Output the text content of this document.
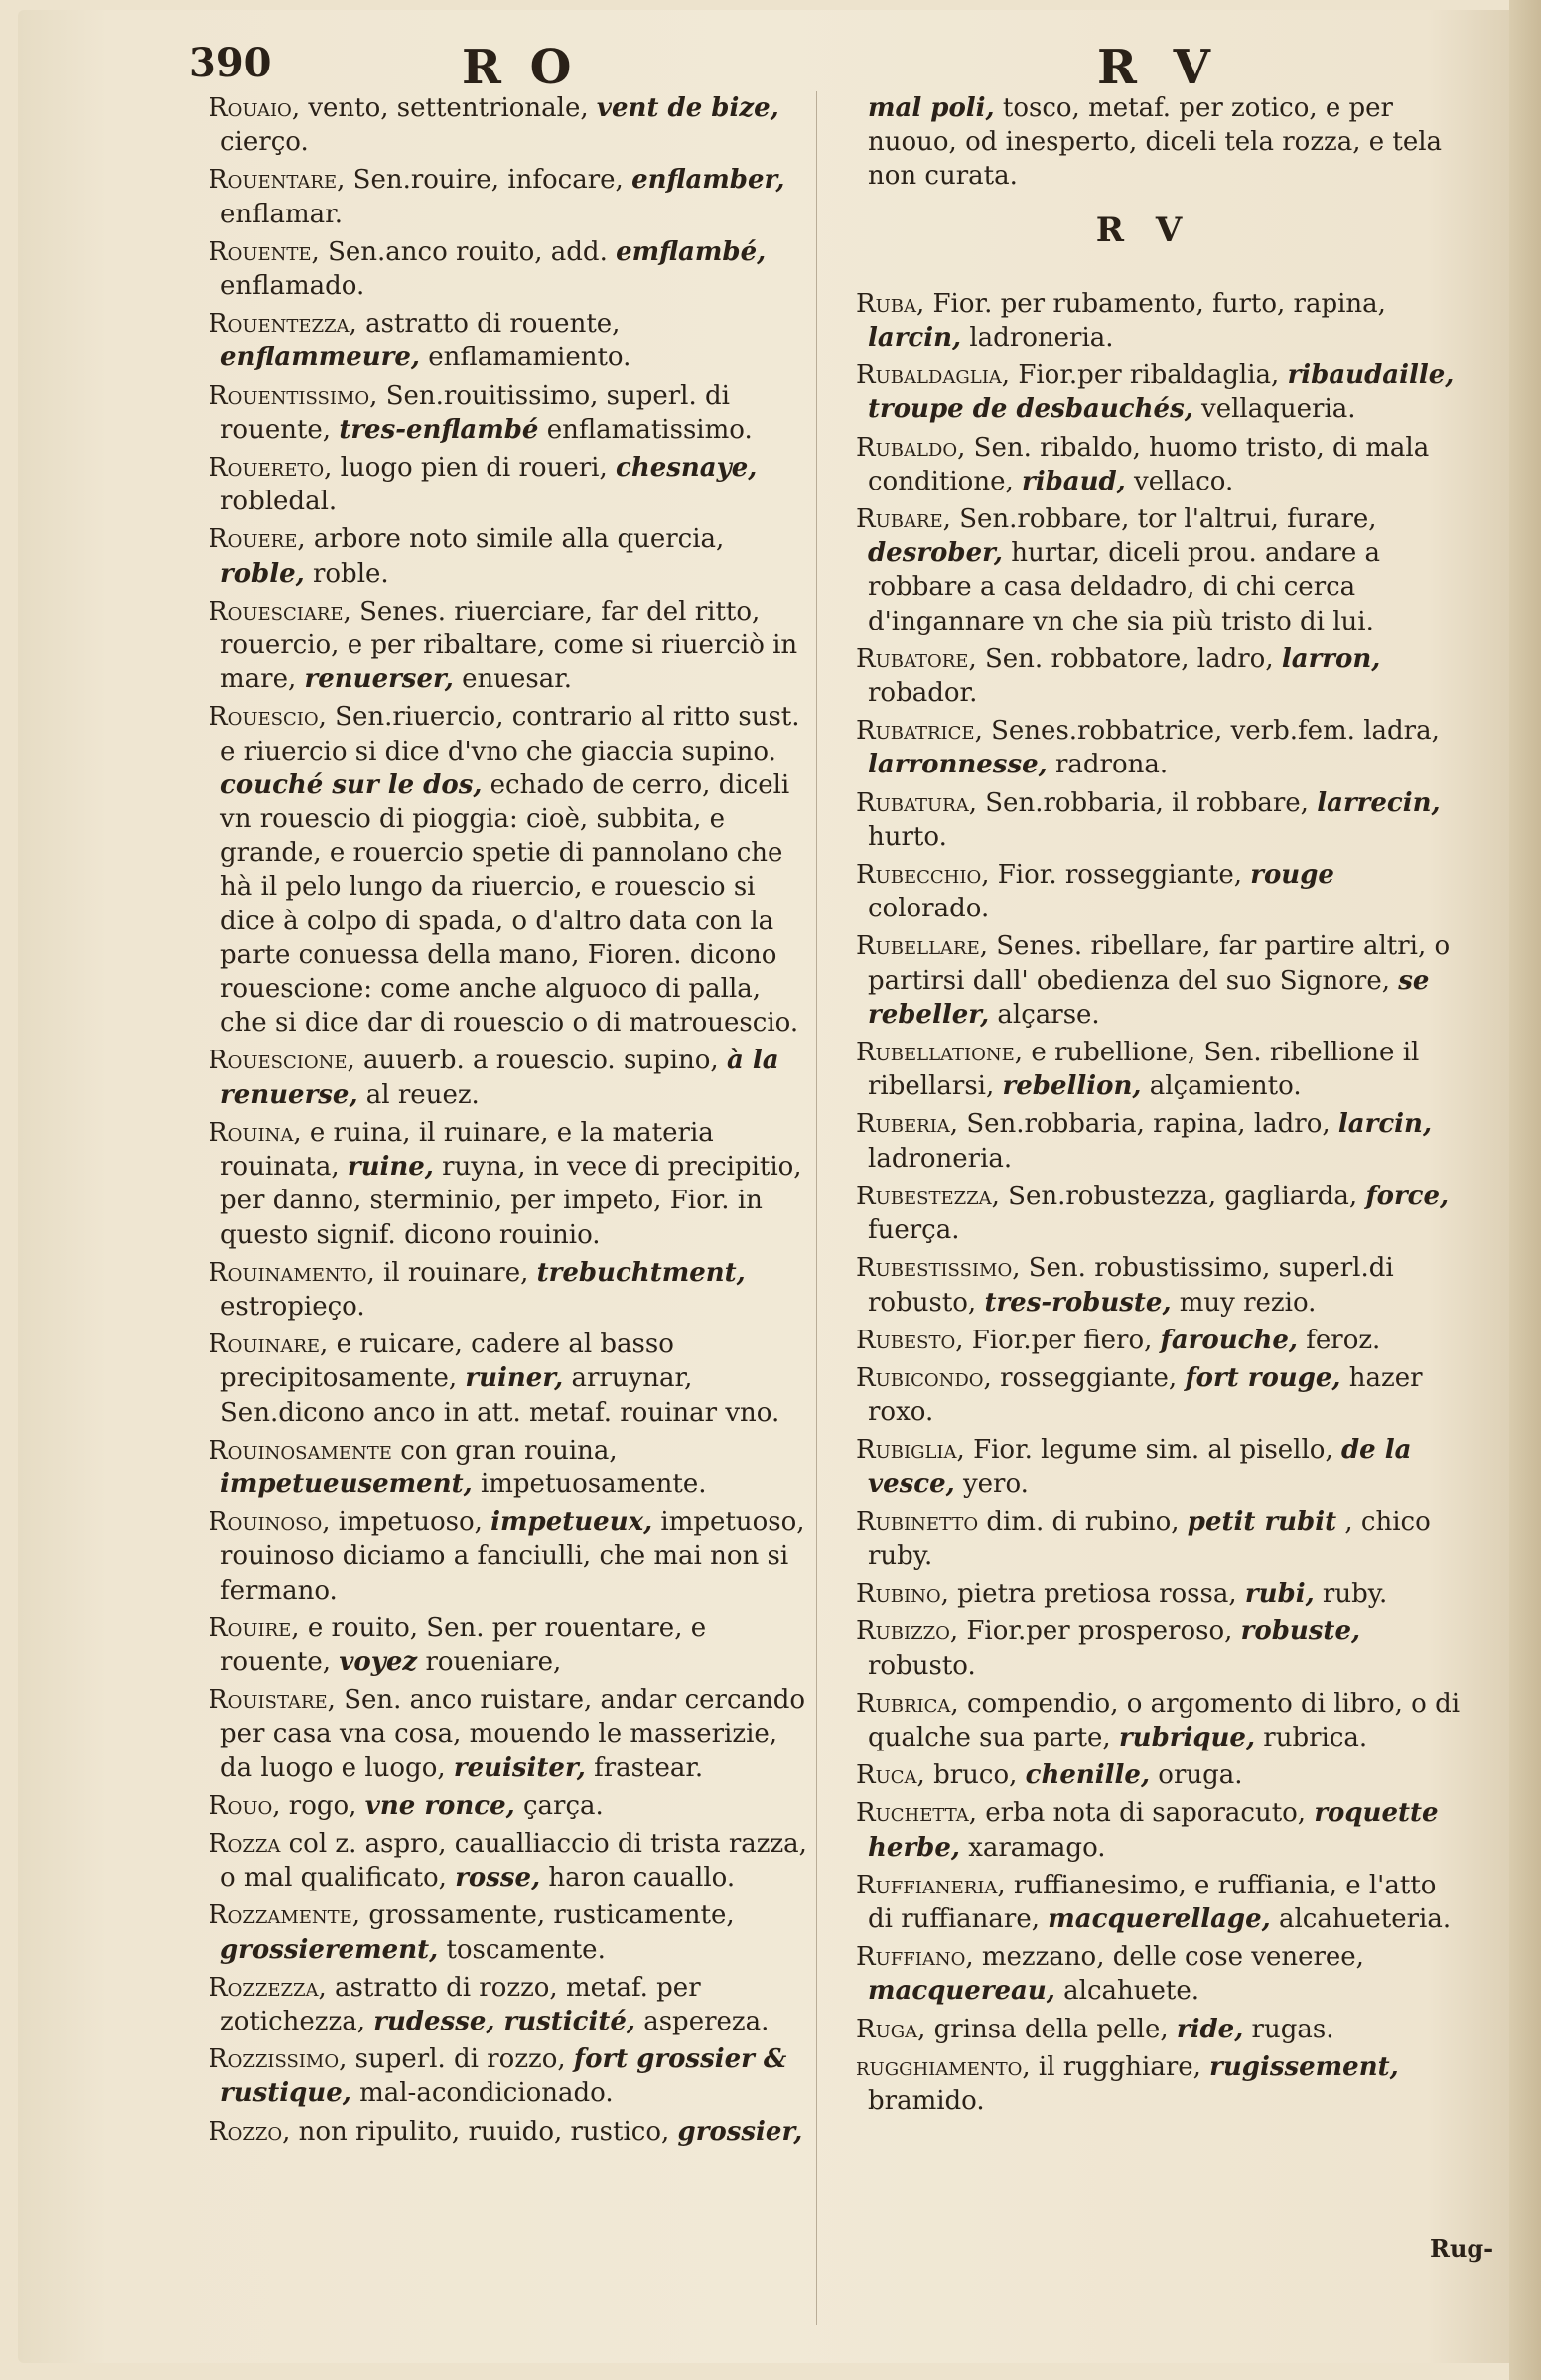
390	R O	R V

Rouaio, vento, settentrionale, vent de bize, cierço.

Rouentare, Sen.rouire, infocare, enflamber, enflamar.

Rouente, Sen.anco rouito, add. emflambé, enflamado.

Rouentezza, astratto di rouente, enflammeure, enflamamiento.

Rouentissimo, Sen.rouitissimo, superl. di rouente, tres-enflambé enflamatissimo.

Rouereto, luogo pien di roueri, chesnaye, robledal.

Rouere, arbore noto simile alla quercia, roble, roble.

Rouesciare, Senes. riuerciare, far del ritto, rouercio, e per ribaltare, come si riuerciò in mare, renuerser, enuesar.

Rouescio, Sen.riuercio, contrario al ritto sust. e riuercio si dice d'vno che giaccia supino. couché sur le dos, echado de cerro, diceli vn rouescio di pioggia: cioè, subbita, e grande, e rouercio spetie di pannolano che hà il pelo lungo da riuercio, e rouescio si dice à colpo di spada, o d'altro data con la parte conuessa della mano, Fioren. dicono rouescione: come anche alguoco di palla, che si dice dar di rouescio o di matrouescio.

Rouescione, auuerb. a rouescio. supino, à la renuerse, al reuez.

Rouina, e ruina, il ruinare, e la materia rouinata, ruine, ruyna, in vece di precipitio, per danno, sterminio, per impeto, Fior. in questo signif. dicono rouinio.

Rouinamento, il rouinare, trebuchtment, estropieço.

Rouinare, e ruicare, cadere al basso precipitosamente, ruiner, arruynar, Sen.dicono anco in att. metaf. rouinar vno.

Rouinosamente con gran rouina, impetueusement, impetuosamente.

Rouinoso, impetuoso, impetueux, impetuoso, rouinoso diciamo a fanciulli, che mai non si fermano.

Rouire, e rouito, Sen. per rouentare, e rouente, voyez roueniare,

Rouistare, Sen. anco ruistare, andar cercando per casa vna cosa, mouendo le masserizie, da luogo e luogo, reuisiter, frastear.

Rouo, rogo, vne ronce, çarça.

Rozza col z. aspro, caualliaccio di trista razza, o mal qualificato, rosse, haron cauallo.

Rozzamente, grossamente, rusticamente, grossierement, toscamente.

Rozzezza, astratto di rozzo, metaf. per zotichezza, rudesse, rusticité, aspereza.

Rozzissimo, superl. di rozzo, fort grossier & rustique, mal-acondicionado.

Rozzo, non ripulito, ruuido, rustico, grossier,

mal poli, tosco, metaf. per zotico, e per nuouo, od inesperto, diceli tela rozza, e tela non curata.

R V

Ruba, Fior. per rubamento, furto, rapina, larcin, ladroneria.

Rubaldaglia, Fior.per ribaldaglia, ribaudaille, troupe de desbauchés, vellaqueria.

Rubaldo, Sen. ribaldo, huomo tristo, di mala conditione, ribaud, vellaco.

Rubare, Sen.robbare, tor l'altrui, furare, desrober, hurtar, diceli prou. andare a robbare a casa deldadro, di chi cerca d'ingannare vn che sia più tristo di lui.

Rubatore, Sen. robbatore, ladro, larron, robador.

Rubatrice, Senes.robbatrice, verb.fem. ladra, larronnesse, radrona.

Rubatura, Sen.robbaria, il robbare, larrecin, hurto.

Rubecchio, Fior. rosseggiante, rouge colorado.

Rubellare, Senes. ribellare, far partire altri, o partirsi dall' obedienza del suo Signore, se rebeller, alçarse.

Rubellatione, e rubellione, Sen. ribellione il ribellarsi, rebellion, alçamiento.

Ruberia, Sen.robbaria, rapina, ladro, larcin, ladroneria.

Rubestezza, Sen.robustezza, gagliarda, force, fuerça.

Rubestissimo, Sen. robustissimo, superl.di robusto, tres-robuste, muy rezio.

Rubesto, Fior.per fiero, farouche, feroz.

Rubicondo, rosseggiante, fort rouge, hazer roxo.

Rubiglia, Fior. legume sim. al pisello, de la vesce, yero.

Rubinetto dim. di rubino, petit rubit , chico ruby.

Rubino, pietra pretiosa rossa, rubi, ruby.

Rubizzo, Fior.per prosperoso, robuste, robusto.

Rubrica, compendio, o argomento di libro, o di qualche sua parte, rubrique, rubrica.

Ruca, bruco, chenille, oruga.

Ruchetta, erba nota di saporacuto, roquette herbe, xaramago.

Ruffianeria, ruffianesimo, e ruffiania, e l'atto di ruffianare, macquerellage, alcahueteria.

Ruffiano, mezzano, delle cose veneree, macquereau, alcahuete.

Ruga, grinsa della pelle, ride, rugas.

rugghiamento, il rugghiare, rugissement, bramido.

Rug-
